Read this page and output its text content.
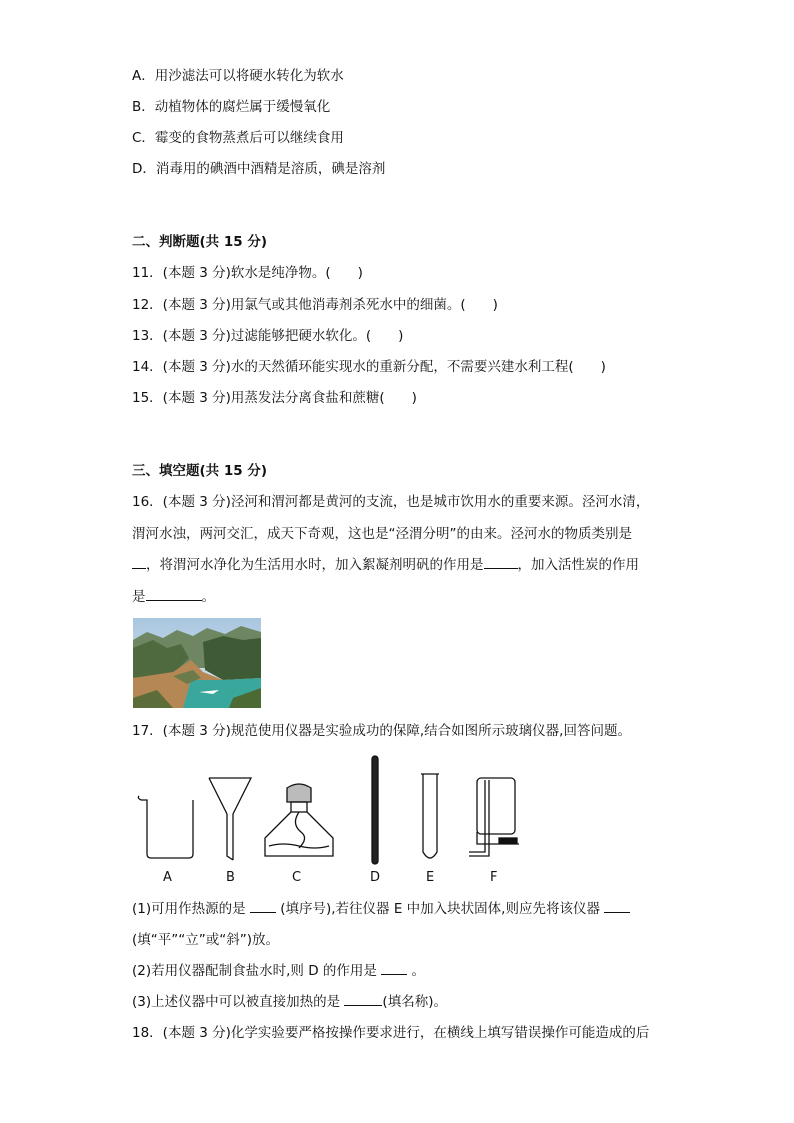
A．用沙滤法可以将硬水转化为软水
B．动植物体的腐烂属于缓慢氧化
C．霉变的食物蒸煮后可以继续食用
D．消毒用的碘酒中酒精是溶质，碘是溶剂
二、判断题(共 15 分)
11．(本题 3 分)软水是纯净物。(　　)
12．(本题 3 分)用氯气或其他消毒剂杀死水中的细菌。(　　)
13．(本题 3 分)过滤能够把硬水软化。(　　)
14．(本题 3 分)水的天然循环能实现水的重新分配，不需要兴建水利工程(　　)
15．(本题 3 分)用蒸发法分离食盐和蔗糖(　　)
三、填空题(共 15 分)
16．(本题 3 分)泾河和渭河都是黄河的支流，也是城市饮用水的重要来源。泾河水清，
渭河水浊，两河交汇，成天下奇观，这也是“泾渭分明”的由来。泾河水的物质类别是
，将渭河水净化为生活用水时，加入絮凝剂明矾的作用是	，加入活性炭的作用
是	。
17．(本题 3 分)规范使用仪器是实验成功的保障,结合如图所示玻璃仪器,回答问题。
A	B	C	D	E	F
(1)可用作热源的是	(填序号),若往仪器 E 中加入块状固体,则应先将该仪器
(填“平”“立”或“斜”)放。
(2)若用仪器配制食盐水时,则 D 的作用是	。
(3)上述仪器中可以被直接加热的是	(填名称)。
18．(本题 3 分)化学实验要严格按操作要求进行，在横线上填写错误操作可能造成的后
